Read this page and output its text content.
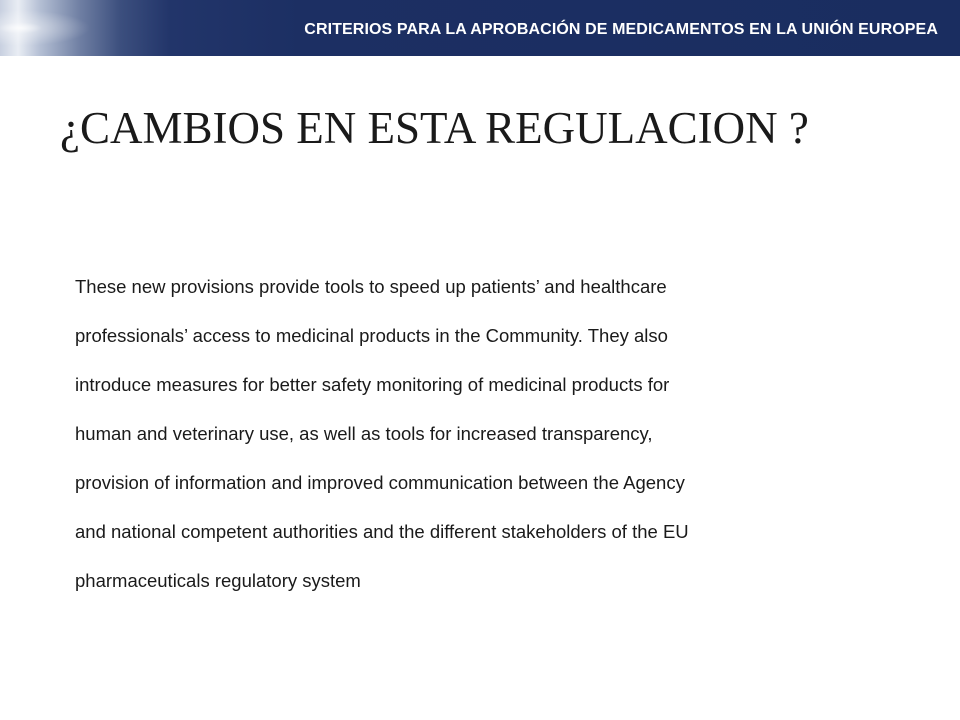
CRITERIOS PARA LA APROBACIÓN DE MEDICAMENTOS EN LA UNIÓN EUROPEA
¿CAMBIOS EN ESTA REGULACION ?
These new provisions provide tools to speed up patients’ and healthcare
professionals’ access to medicinal products in the Community. They also
introduce measures for better safety monitoring of medicinal products for
human and veterinary use, as well as tools for increased transparency,
provision of information and improved communication between the Agency
and national competent authorities and the different stakeholders of the EU
pharmaceuticals regulatory system
